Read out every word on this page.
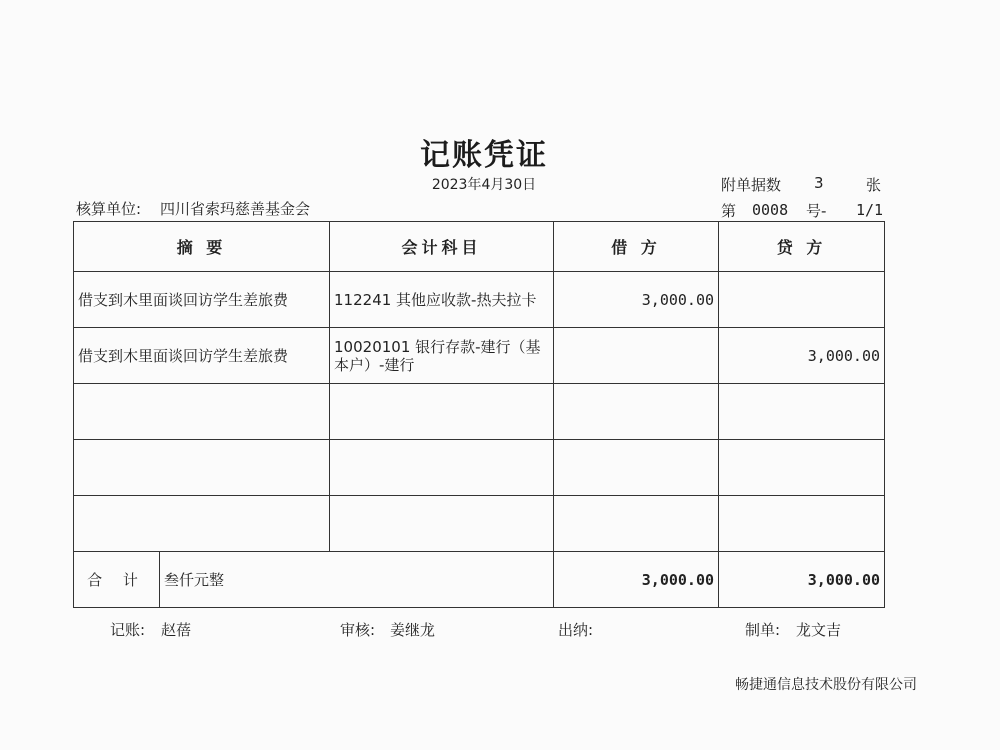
记账凭证
2023年4月30日
核算单位: 四川省索玛慈善基金会
附单据数 3	张
第 0008 号- 1/1
摘 要		会计科目	借 方	贷 方
借支到木里面谈回访学生差旅费		112241 其他应收款-热夫拉卡	3,000.00	
借支到木里面谈回访学生差旅费		10020101 银行存款-建行（基本户）-建行		3,000.00

合 计	叁仟元整		3,000.00	3,000.00
记账: 赵蓓	审核: 姜继龙	出纳:	制单: 龙文吉
畅捷通信息技术股份有限公司
